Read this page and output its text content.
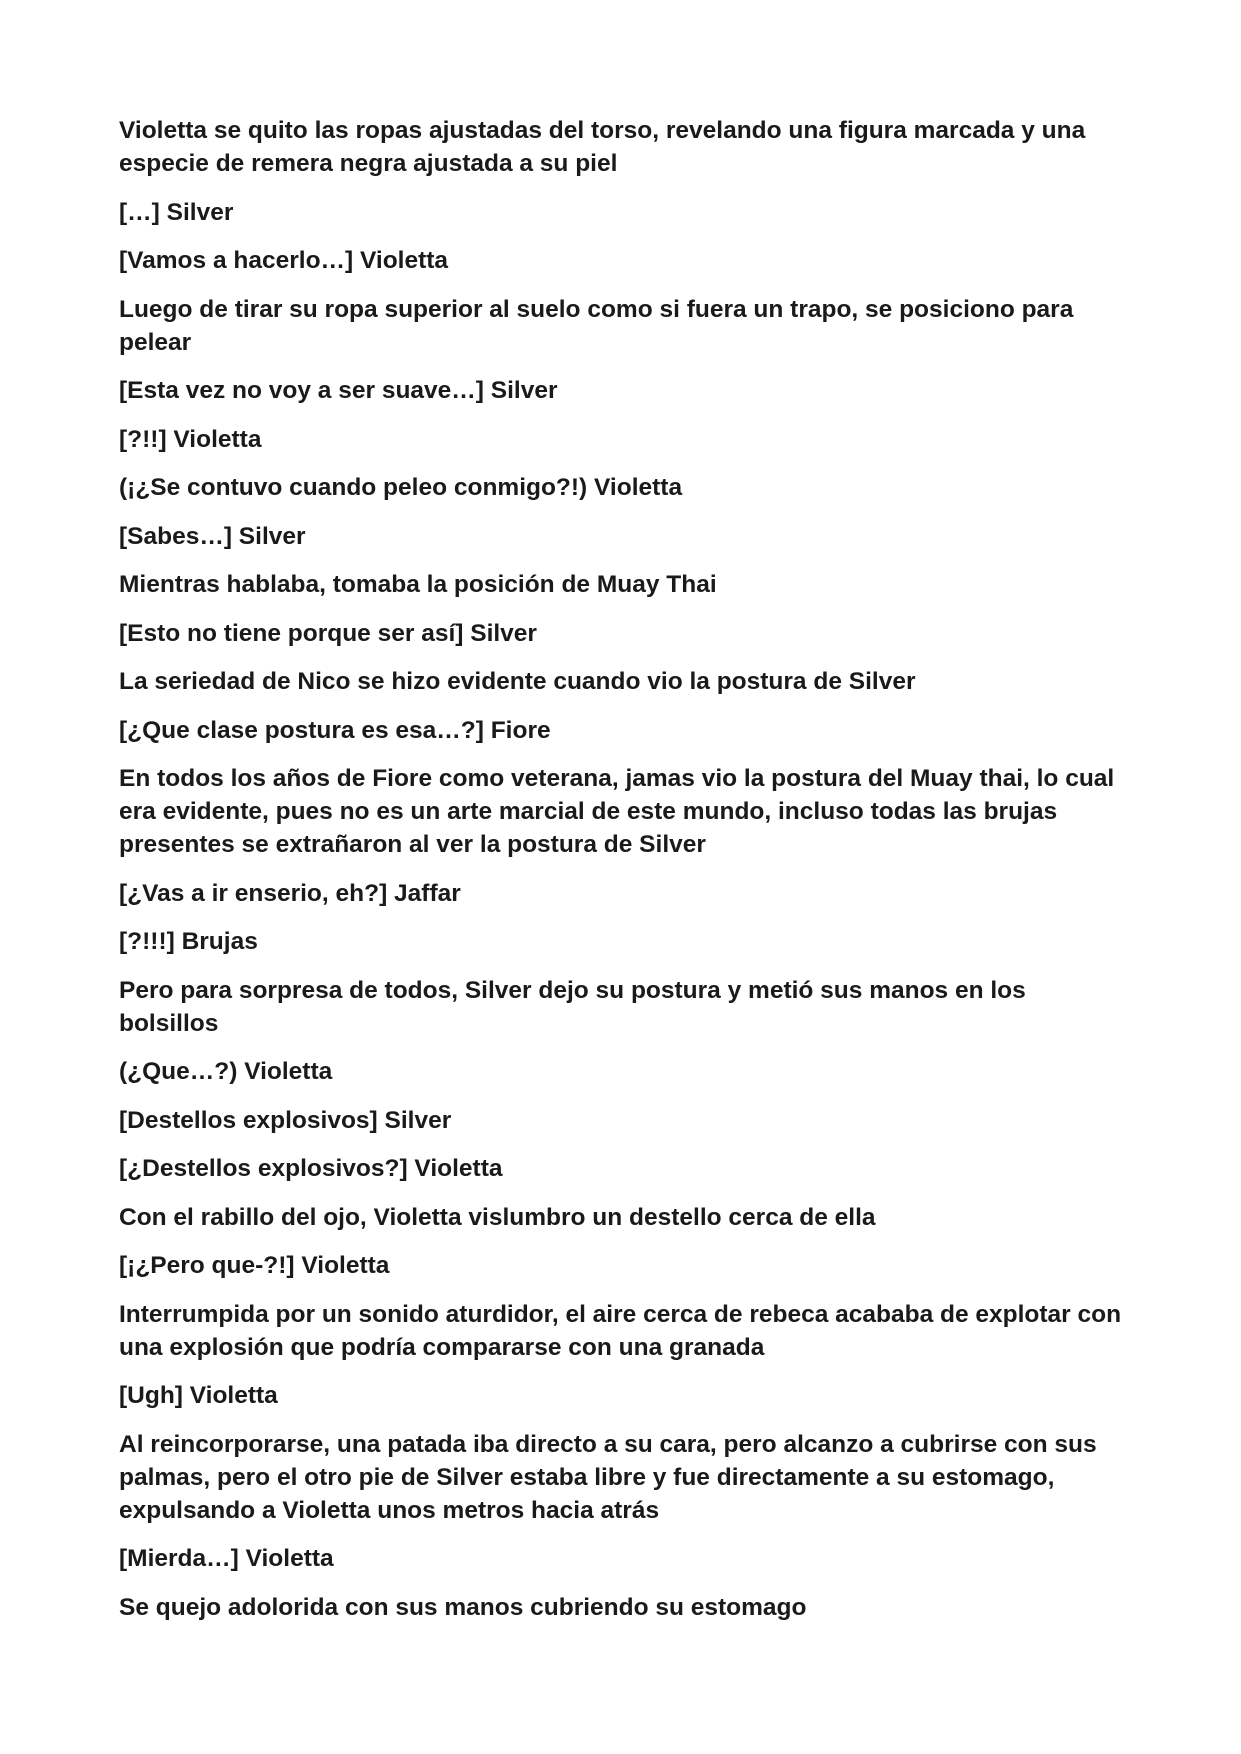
Violetta se quito las ropas ajustadas del torso, revelando una figura marcada y una especie de remera negra ajustada a su piel

[…] Silver

[Vamos a hacerlo…] Violetta

Luego de tirar su ropa superior al suelo como si fuera un trapo, se posiciono para pelear

[Esta vez no voy a ser suave…] Silver

[?!!] Violetta

(¡¿Se contuvo cuando peleo conmigo?!) Violetta

[Sabes…] Silver

Mientras hablaba, tomaba la posición de Muay Thai

[Esto no tiene porque ser así] Silver

La seriedad de Nico se hizo evidente cuando vio la postura de Silver

[¿Que clase postura es esa…?] Fiore

En todos los años de Fiore como veterana, jamas vio la postura del Muay thai, lo cual era evidente, pues no es un arte marcial de este mundo, incluso todas las brujas presentes se extrañaron al ver la postura de Silver

[¿Vas a ir enserio, eh?] Jaffar

[?!!!] Brujas

Pero para sorpresa de todos, Silver dejo su postura y metió sus manos en los bolsillos

(¿Que…?) Violetta

[Destellos explosivos] Silver

[¿Destellos explosivos?] Violetta

Con el rabillo del ojo, Violetta vislumbro un destello cerca de ella

[¡¿Pero que-?!] Violetta

Interrumpida por un sonido aturdidor, el aire cerca de rebeca acababa de explotar con una explosión que podría compararse con una granada

[Ugh] Violetta

Al reincorporarse, una patada iba directo a su cara, pero alcanzo a cubrirse con sus palmas, pero el otro pie de Silver estaba libre y fue directamente a su estomago, expulsando a Violetta unos metros hacia atrás

[Mierda…] Violetta

Se quejo adolorida con sus manos cubriendo su estomago
